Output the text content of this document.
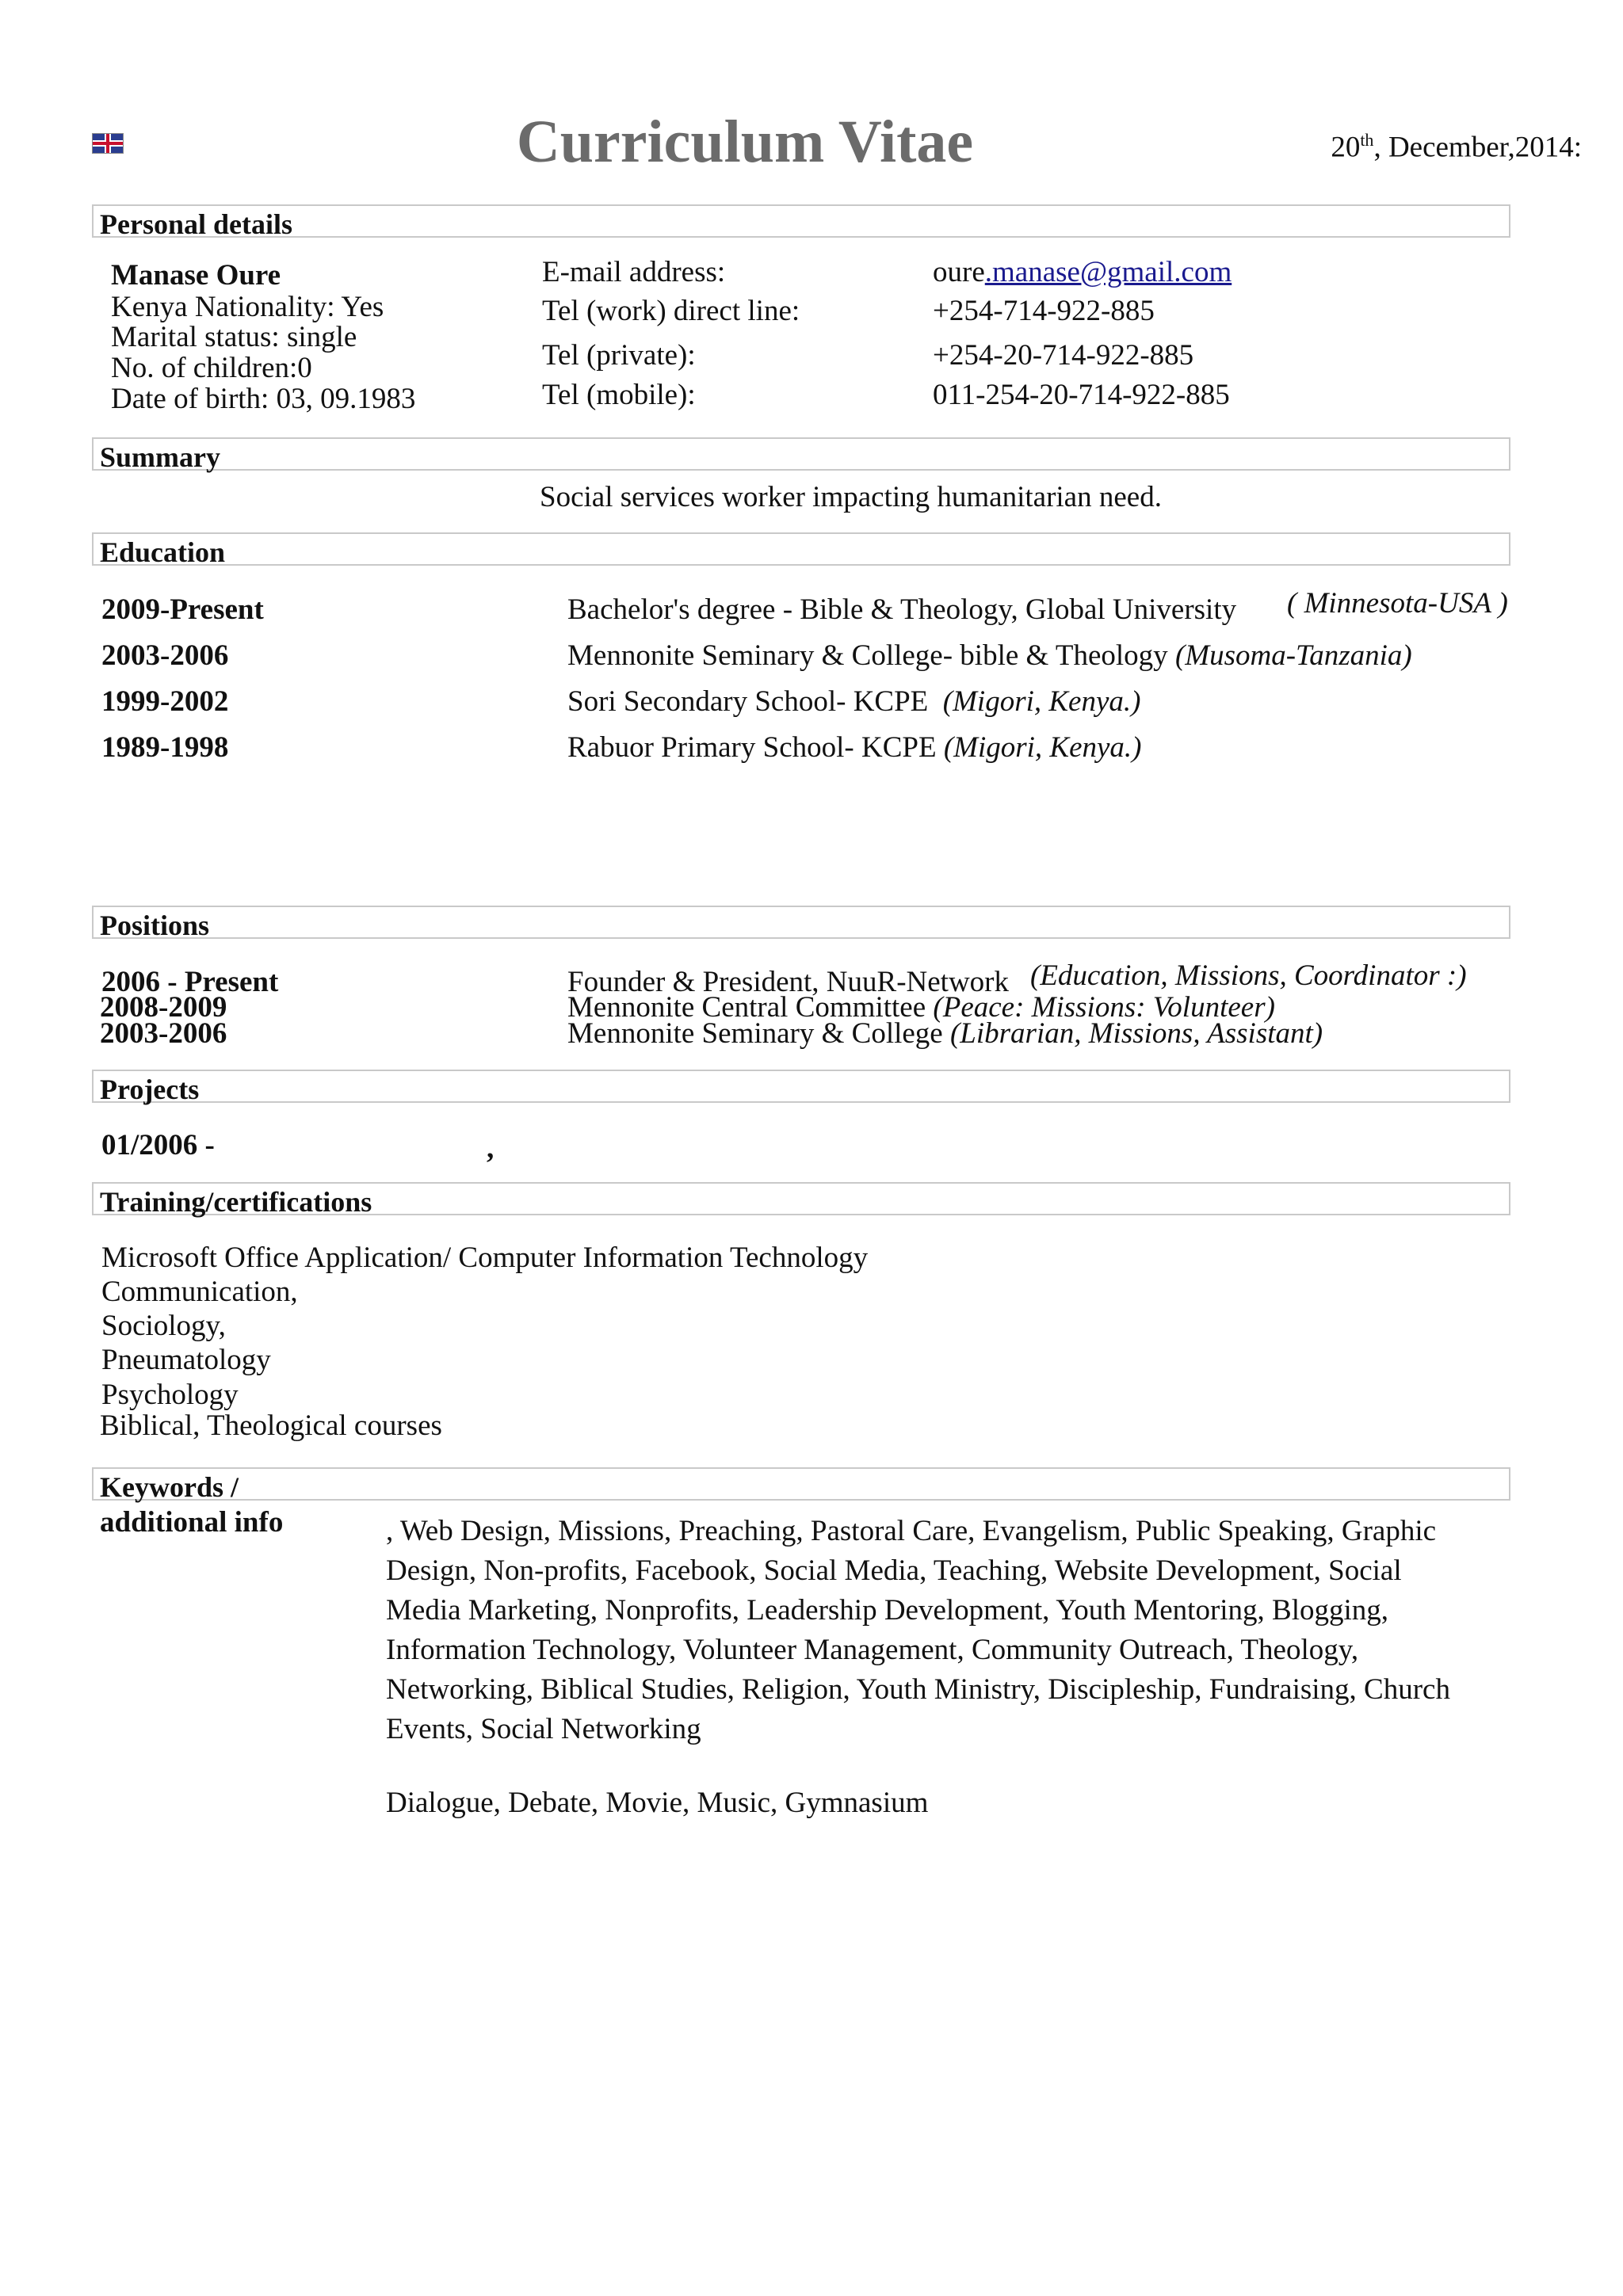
Curriculum Vitae	20th, December,2014:
Personal details
Manase Oure
Kenya Nationality: Yes
Marital status: single
No. of children:0
Date of birth: 03, 09.1983
E-mail address:	oure.manase@gmail.com
Tel (work) direct line:	+254-714-922-885
Tel (private):	+254-20-714-922-885
Tel (mobile):	011-254-20-714-922-885
Summary
Social services worker impacting humanitarian need.
Education
2009-Present	Bachelor's degree - Bible & Theology, Global University ( Minnesota-USA )
2003-2006	Mennonite Seminary & College- bible & Theology (Musoma-Tanzania)
1999-2002	Sori Secondary School- KCPE (Migori, Kenya.)
1989-1998	Rabuor Primary School- KCPE (Migori, Kenya.)
Positions
2006 - Present	Founder & President, NuuR-Network (Education, Missions, Coordinator :)
2008-2009	Mennonite Central Committee (Peace: Missions: Volunteer)
2003-2006	Mennonite Seminary & College (Librarian, Missions, Assistant)
Projects
01/2006 -	,
Training/certifications
Microsoft Office Application/ Computer Information Technology
Communication,
Sociology,
Pneumatology
Psychology
Biblical, Theological courses
Keywords /
additional info	, Web Design, Missions, Preaching, Pastoral Care, Evangelism, Public Speaking, Graphic Design, Non-profits, Facebook, Social Media, Teaching, Website Development, Social Media Marketing, Nonprofits, Leadership Development, Youth Mentoring, Blogging, Information Technology, Volunteer Management, Community Outreach, Theology, Networking, Biblical Studies, Religion, Youth Ministry, Discipleship, Fundraising, Church Events, Social Networking
Dialogue, Debate, Movie, Music, Gymnasium
